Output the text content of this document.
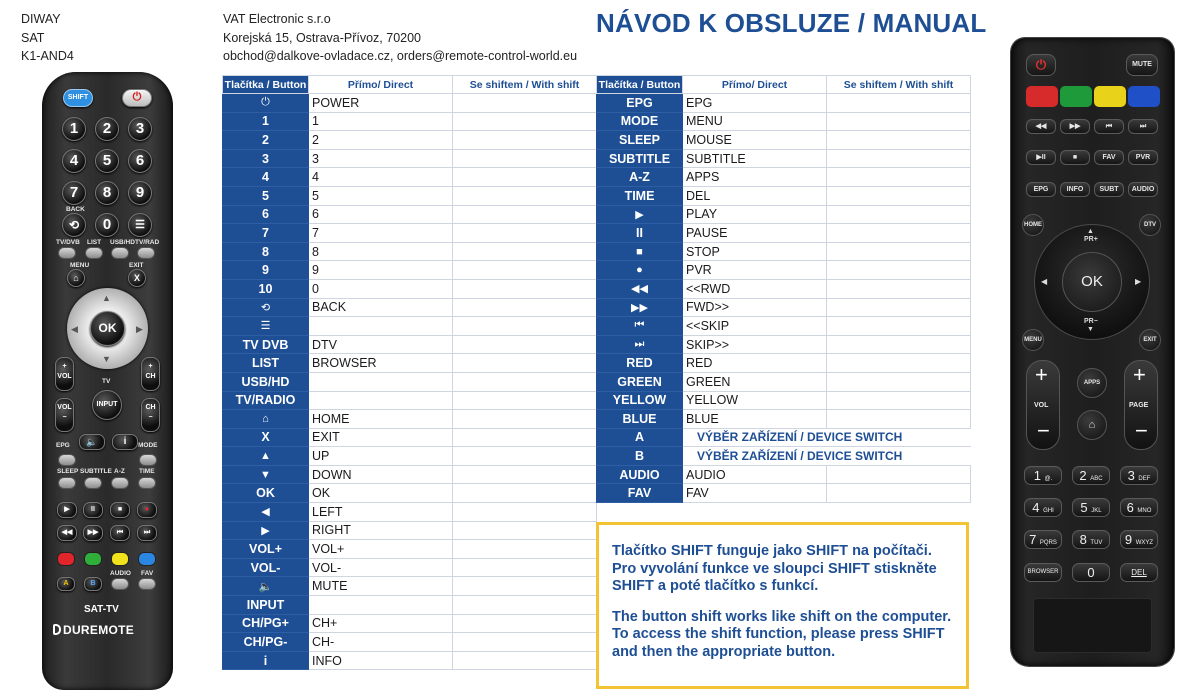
DIWAY
SAT
K1-AND4
VAT Electronic s.r.o
Korejská 15, Ostrava-Přívoz, 70200
obchod@dalkove-ovladace.cz, orders@remote-control-world.eu
NÁVOD K OBSLUZE / MANUAL
Tlačítka / Button	Přímo/ Direct	Se shiftem / With shift
⏻	POWER	
1	1	
2	2	
3	3	
4	4	
5	5	
6	6	
7	7	
8	8	
9	9	
10	0	
⟲	BACK	
☰		
TV DVB	DTV	
LIST	BROWSER	
USB/HD		
TV/RADIO		
⌂	HOME	
X	EXIT	
▲	UP	
▼	DOWN	
OK	OK	
◀	LEFT	
▶	RIGHT	
VOL+	VOL+	
VOL-	VOL-	
🔈	MUTE	
INPUT		
CH/PG+	CH+	
CH/PG-	CH-	
i	INFO	
Tlačítka / Button	Přímo/ Direct	Se shiftem / With shift
EPG	EPG	
MODE	MENU	
SLEEP	MOUSE	
SUBTITLE	SUBTITLE	
A-Z	APPS	
TIME	DEL	
▶	PLAY	
II	PAUSE	
■	STOP	
●	PVR	
◀◀	<<RWD	
▶▶	FWD>>	
⏮	<<SKIP	
⏭	SKIP>>	
RED	RED	
GREEN	GREEN	
YELLOW	YELLOW	
BLUE	BLUE	
A	VÝBĚR ZAŘÍZENÍ / DEVICE SWITCH	
B	VÝBĚR ZAŘÍZENÍ / DEVICE SWITCH	
AUDIO	AUDIO	
FAV	FAV	

Tlačítko SHIFT funguje jako SHIFT na počítači. Pro vyvolání funkce ve sloupci SHIFT stiskněte SHIFT a poté tlačítko s funkcí.

The button shift works like shift on the computer. To access the shift function, please press SHIFT and then the appropriate button.

SHIFT	⏻
1	2	3
4	5	6
7	8	9
BACK
⟲	0	☰
TV/DVB LIST USB/HD TV/RAD
MENU	EXIT
⌂	X
▲
▼
◀	▶
OK
+
VOL
+
CH
TV
INPUT
VOL
−
CH
−
EPG	MODE
🔈	i
SLEEP SUBTITLE A-Z TIME
▶	II	■	●
◀◀	▶▶	⏮	⏭
A	B
AUDIO FAV
SAT-TV
DUREMOTE
⏻	MUTE
◀◀	▶▶	⏮	⏭
▶II	■	FAV	PVR
EPG	INFO	SUBT	AUDIO
HOME	DTV
▲
PR+
◀	▶
PR−
▼
OK
MENU	EXIT
+
VOL
−
APPS
⌂
+
PAGE
−
1 @.	2 ABC	3 DEF
4 GHI	5 JKL	6 MNO
7 PQRS	8 TUV	9 WXYZ
BROWSER	0	DEL
